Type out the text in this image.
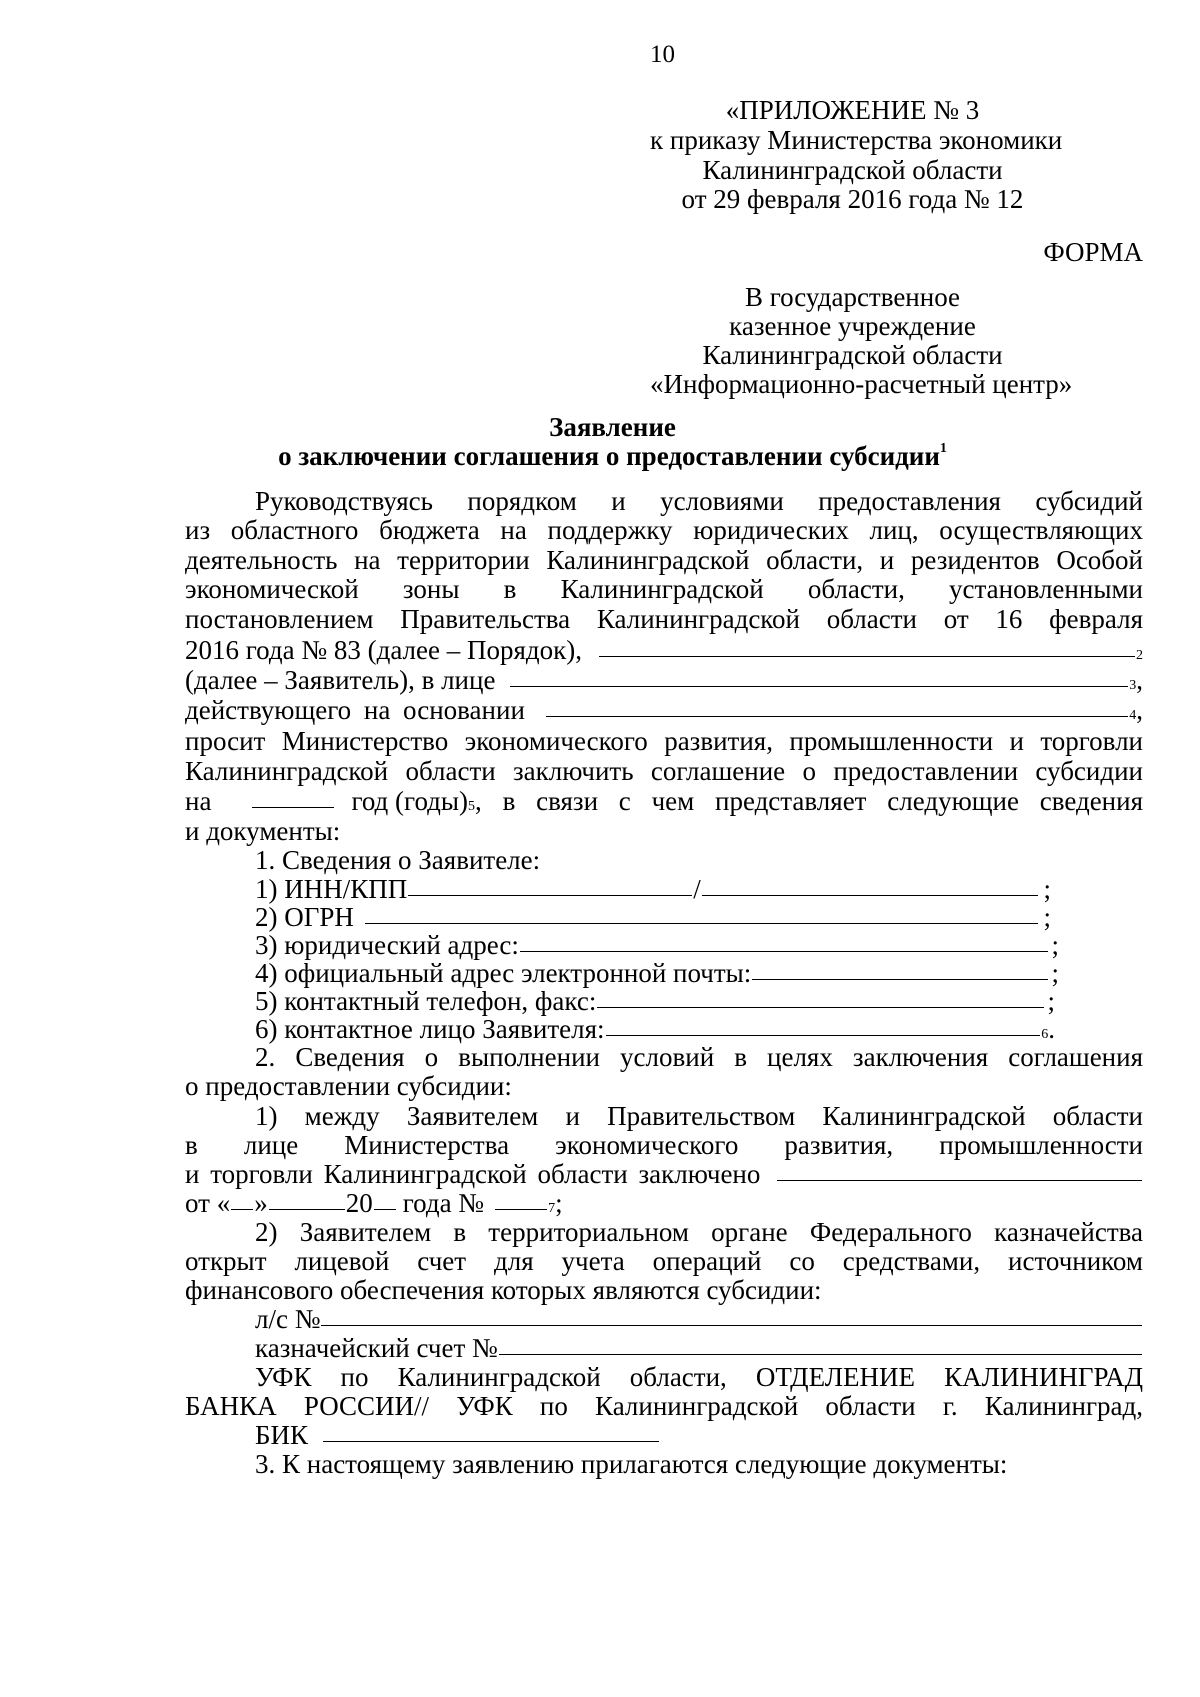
10
«ПРИЛОЖЕНИЕ № 3
к приказу Министерства экономики
Калининградской области
от 29 февраля 2016 года № 12
ФОРМА
В государственное
казенное учреждение
Калининградской области
«Информационно-расчетный центр»
Заявление
о заключении соглашения о предоставлении субсидии$^1$
Руководствуясь порядком и условиями предоставления субсидий
из областного бюджета на поддержку юридических лиц, осуществляющих
деятельность на территории Калининградской области, и резидентов Особой
экономической зоны в Калининградской области, установленными
постановлением Правительства Калининградской области от 16 февраля
2016 года № 83 (далее – Порядок),	2
(далее – Заявитель), в лице	3 ,
действующего на основании	4 ,
просит Министерство экономического развития, промышленности и торговли
Калининградской области заключить соглашение о предоставлении субсидии
на	год (годы) 5 , в связи с чем представляет следующие сведения
и документы:
1. Сведения о Заявителе:
1) ИНН/КПП	/	;
2) ОГРН	;
3) юридический адрес:	;
4) официальный адрес электронной почты:	;
5) контактный телефон, факс:	;
6) контактное лицо Заявителя:	6 .
2. Сведения о выполнении условий в целях заключения соглашения
о предоставлении субсидии:
1) между Заявителем и Правительством Калининградской области
в лице Министерства экономического развития, промышленности
и торговли Калининградской области заключено
от « »	20 года №	7 ;
2) Заявителем в территориальном органе Федерального казначейства
открыт лицевой счет для учета операций со средствами, источником
финансового обеспечения которых являются субсидии:
л/с №
казначейский счет №
УФК по Калининградской области, ОТДЕЛЕНИЕ КАЛИНИНГРАД
БАНКА РОССИИ// УФК по Калининградской области г. Калининград,
БИК
3. К настоящему заявлению прилагаются следующие документы:
